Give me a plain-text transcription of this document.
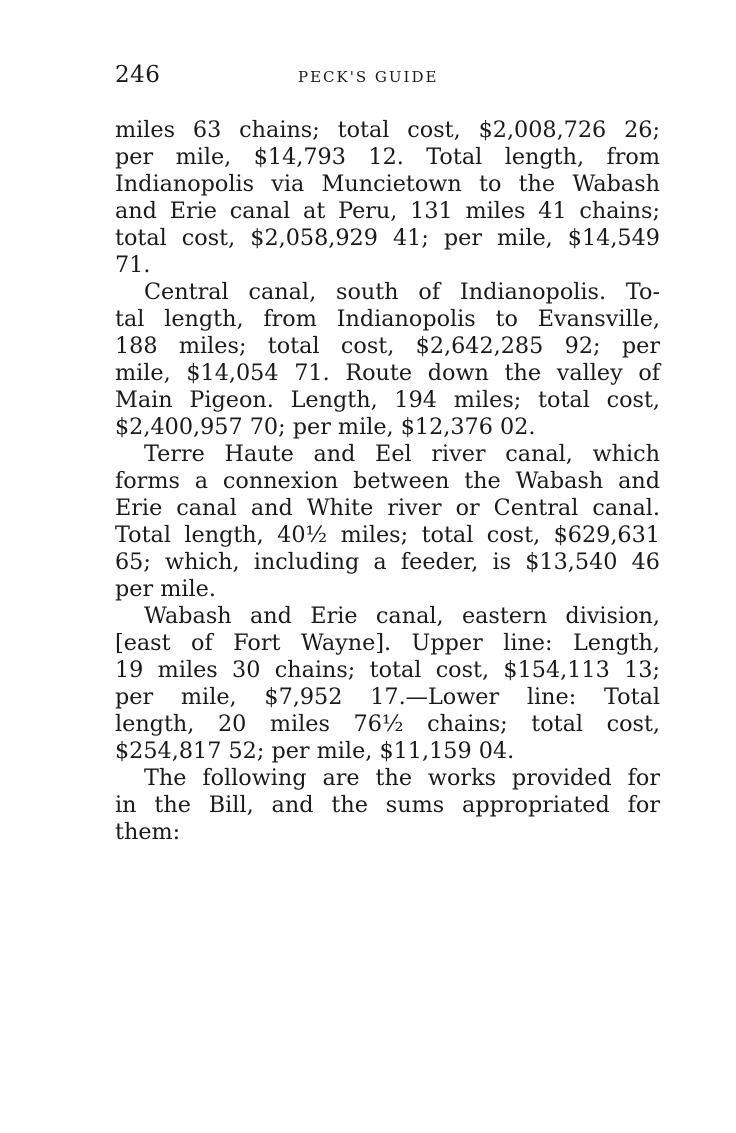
246	PECK'S GUIDE
miles 63 chains; total cost, $2,008,726 26;
per mile, $14,793 12. Total length, from
Indianopolis via Muncietown to the Wabash
and Erie canal at Peru, 131 miles 41 chains;
total cost, $2,058,929 41; per mile, $14,549
71.
Central canal, south of Indianopolis. To-
tal length, from Indianopolis to Evansville,
188 miles; total cost, $2,642,285 92; per
mile, $14,054 71. Route down the valley of
Main Pigeon. Length, 194 miles; total cost,
$2,400,957 70; per mile, $12,376 02.
Terre Haute and Eel river canal, which
forms a connexion between the Wabash and
Erie canal and White river or Central canal.
Total length, 40½ miles; total cost, $629,631
65; which, including a feeder, is $13,540 46
per mile.
Wabash and Erie canal, eastern division,
[east of Fort Wayne]. Upper line: Length,
19 miles 30 chains; total cost, $154,113 13;
per mile, $7,952 17.—Lower line: Total
length, 20 miles 76½ chains; total cost,
$254,817 52; per mile, $11,159 04.
The following are the works provided for
in the Bill, and the sums appropriated for
them:
